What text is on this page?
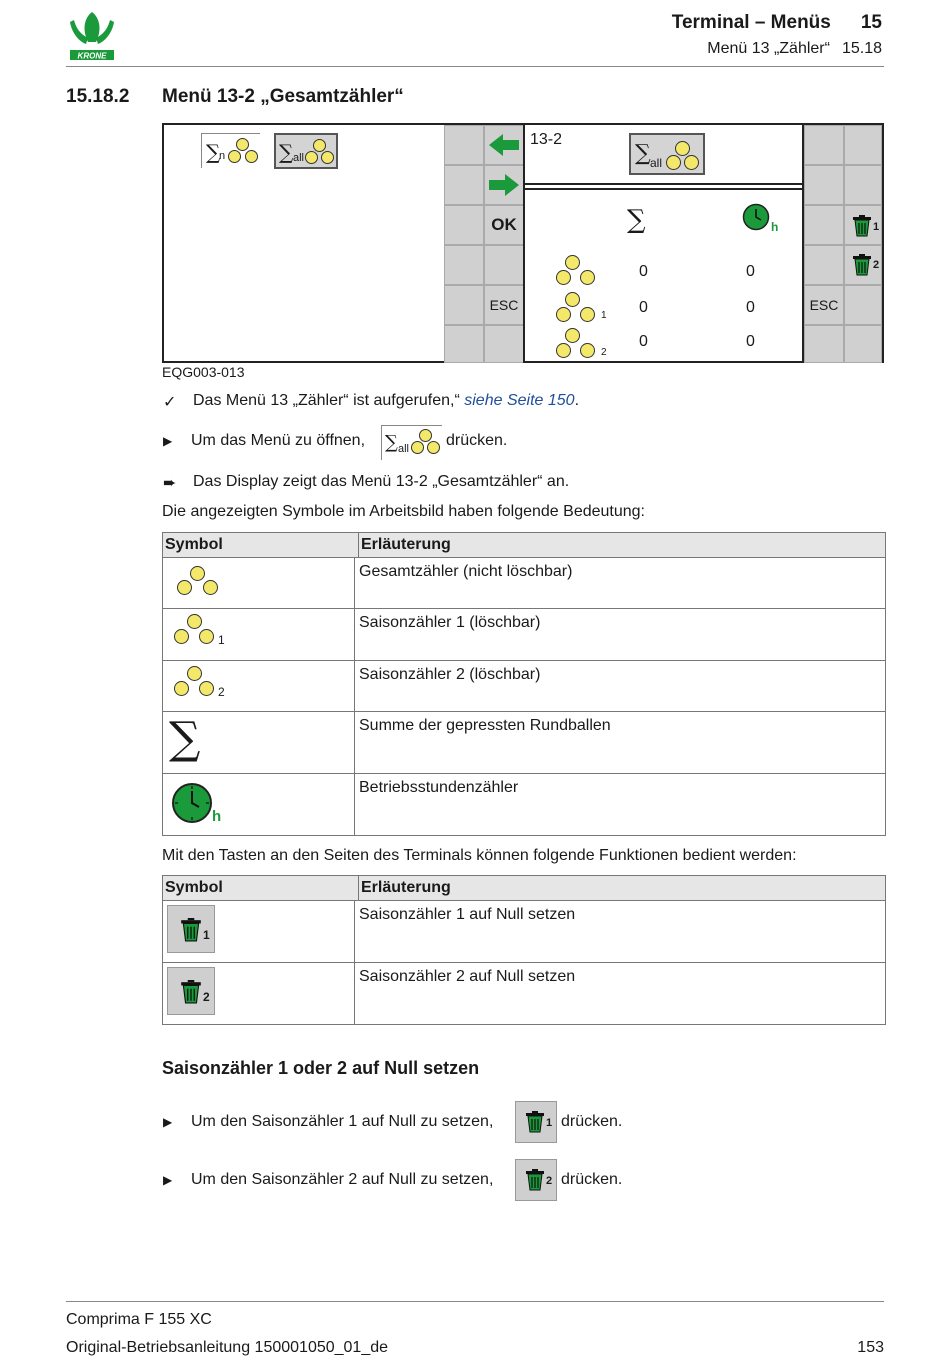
KRONE
Terminal – Menüs 15
Menü 13 „Zähler“ 15.18
15.18.2 Menü 13-2 „Gesamtzähler“
∑
n	∑ all
OK
ESC
13-2
∑ all
∑	h
0	0
1 0	0
2
0	0
ESC
1
2
EQG003-013
✓ Das Menü 13 „Zähler“ ist aufgerufen,“ siehe Seite 150.
▶ Um das Menü zu öffnen, ∑ all drücken.
➨ Das Display zeigt das Menü 13-2 „Gesamtzähler“ an.
Die angezeigten Symbole im Arbeitsbild haben folgende Bedeutung:
Symbol	Erläuterung
Gesamtzähler (nicht löschbar)
1
Saisonzähler 1 (löschbar)
2
Saisonzähler 2 (löschbar)
∑	Summe der gepressten Rundballen
h
Betriebsstundenzähler
Mit den Tasten an den Seiten des Terminals können folgende Funktionen bedient werden:
Symbol	Erläuterung
1
Saisonzähler 1 auf Null setzen
2
Saisonzähler 2 auf Null setzen
Saisonzähler 1 oder 2 auf Null setzen
▶ Um den Saisonzähler 1 auf Null zu setzen,	1 drücken.
▶ Um den Saisonzähler 2 auf Null zu setzen,	2 drücken.
Comprima F 155 XC
Original-Betriebsanleitung 150001050_01_de	153
